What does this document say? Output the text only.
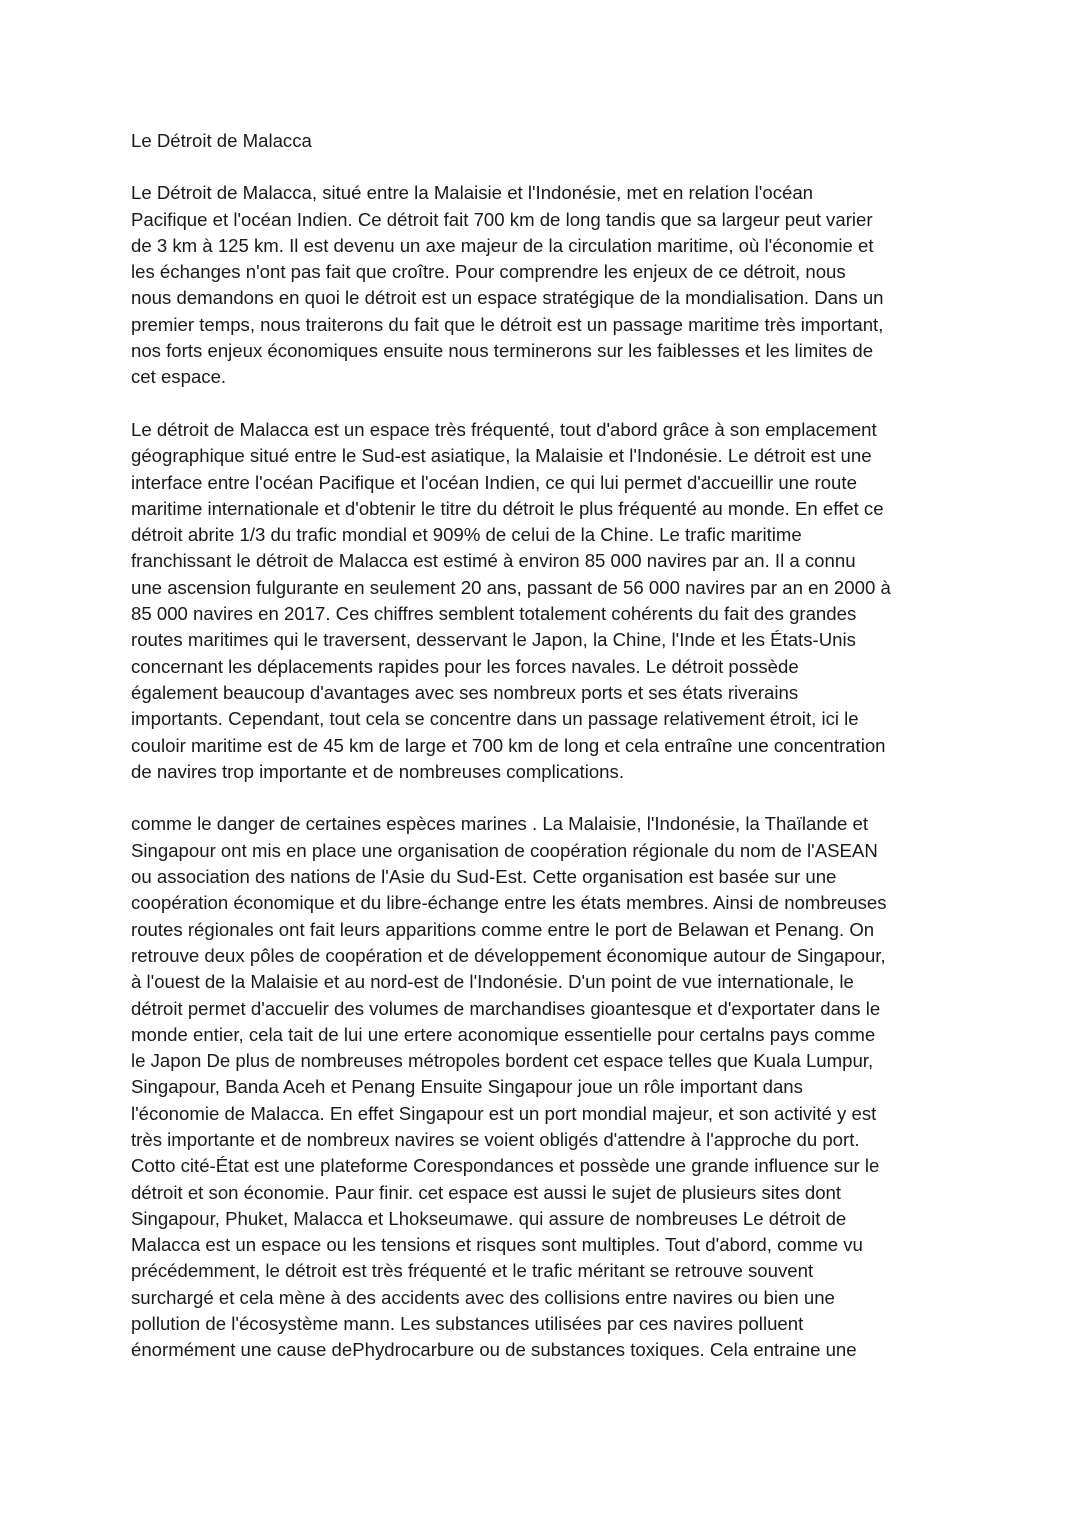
Le Détroit de Malacca
Le Détroit de Malacca, situé entre la Malaisie et l'Indonésie, met en relation l'océan
Pacifique et l'océan Indien. Ce détroit fait 700 km de long tandis que sa largeur peut varier
de 3 km à 125 km. Il est devenu un axe majeur de la circulation maritime, où l'économie et
les échanges n'ont pas fait que croître. Pour comprendre les enjeux de ce détroit, nous
nous demandons en quoi le détroit est un espace stratégique de la mondialisation. Dans un
premier temps, nous traiterons du fait que le détroit est un passage maritime très important,
nos forts enjeux économiques ensuite nous terminerons sur les faiblesses et les limites de
cet espace.
Le détroit de Malacca est un espace très fréquenté, tout d'abord grâce à son emplacement
géographique situé entre le Sud-est asiatique, la Malaisie et l'Indonésie. Le détroit est une
interface entre l'océan Pacifique et l'océan Indien, ce qui lui permet d'accueillir une route
maritime internationale et d'obtenir le titre du détroit le plus fréquenté au monde. En effet ce
détroit abrite 1/3 du trafic mondial et 909% de celui de la Chine. Le trafic maritime
franchissant le détroit de Malacca est estimé à environ 85 000 navires par an. Il a connu
une ascension fulgurante en seulement 20 ans, passant de 56 000 navires par an en 2000 à
85 000 navires en 2017. Ces chiffres semblent totalement cohérents du fait des grandes
routes maritimes qui le traversent, desservant le Japon, la Chine, l'Inde et les États-Unis
concernant les déplacements rapides pour les forces navales. Le détroit possède
également beaucoup d'avantages avec ses nombreux ports et ses états riverains
importants. Cependant, tout cela se concentre dans un passage relativement étroit, ici le
couloir maritime est de 45 km de large et 700 km de long et cela entraîne une concentration
de navires trop importante et de nombreuses complications.
comme le danger de certaines espèces marines . La Malaisie, l'Indonésie, la Thaïlande et
Singapour ont mis en place une organisation de coopération régionale du nom de l'ASEAN
ou association des nations de l'Asie du Sud-Est. Cette organisation est basée sur une
coopération économique et du libre-échange entre les états membres. Ainsi de nombreuses
routes régionales ont fait leurs apparitions comme entre le port de Belawan et Penang. On
retrouve deux pôles de coopération et de développement économique autour de Singapour,
à l'ouest de la Malaisie et au nord-est de l'Indonésie. D'un point de vue internationale, le
détroit permet d'accuelir des volumes de marchandises gioantesque et d'exportater dans le
monde entier, cela tait de lui une ertere aconomique essentielle pour certalns pays comme
le Japon De plus de nombreuses métropoles bordent cet espace telles que Kuala Lumpur,
Singapour, Banda Aceh et Penang Ensuite Singapour joue un rôle important dans
l'économie de Malacca. En effet Singapour est un port mondial majeur, et son activité y est
très importante et de nombreux navires se voient obligés d'attendre à l'approche du port.
Cotto cité-État est une plateforme Corespondances et possède une grande influence sur le
détroit et son économie. Paur finir. cet espace est aussi le sujet de plusieurs sites dont
Singapour, Phuket, Malacca et Lhokseumawe. qui assure de nombreuses Le détroit de
Malacca est un espace ou les tensions et risques sont multiples. Tout d'abord, comme vu
précédemment, le détroit est très fréquenté et le trafic méritant se retrouve souvent
surchargé et cela mène à des accidents avec des collisions entre navires ou bien une
pollution de l'écosystème mann. Les substances utilisées par ces navires polluent
énormément une cause dePhydrocarbure ou de substances toxiques. Cela entraine une
